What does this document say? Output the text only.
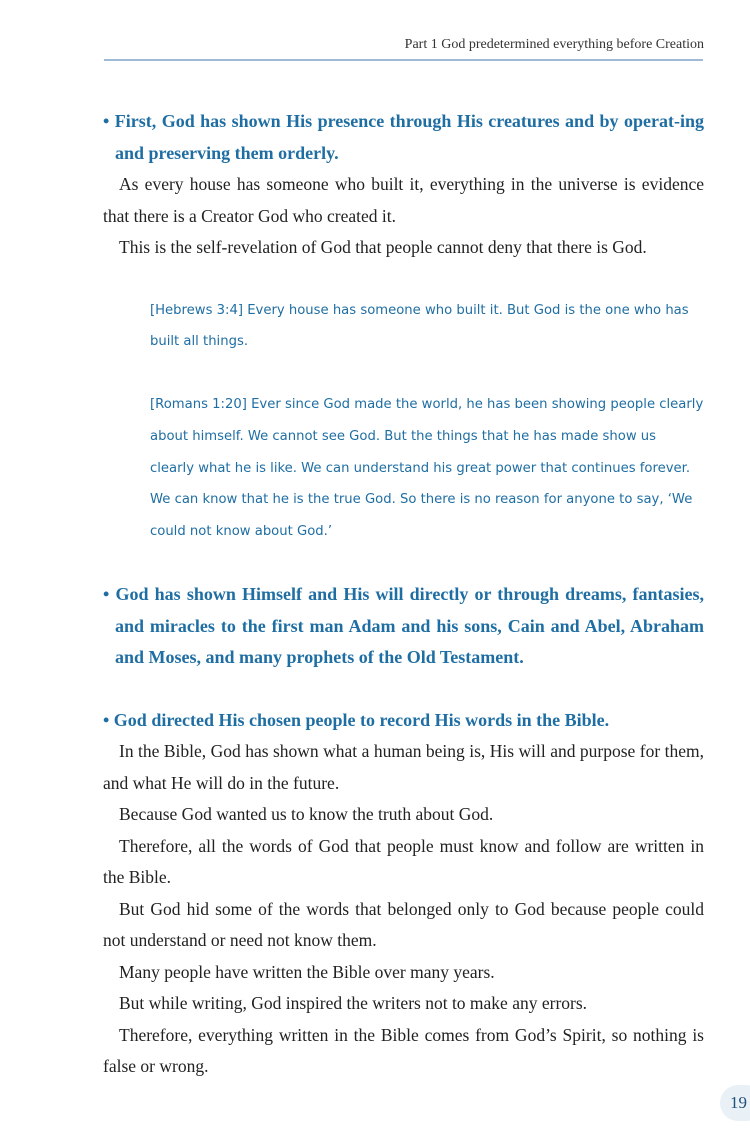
Part 1 God predetermined everything before Creation

• First, God has shown His presence through His creatures and by operat-ing and preserving them orderly.

As every house has someone who built it, everything in the universe is evidence that there is a Creator God who created it.

This is the self-revelation of God that people cannot deny that there is God.

[Hebrews 3:4] Every house has someone who built it. But God is the one who has built all things.

[Romans 1:20] Ever since God made the world, he has been showing people clearly about himself. We cannot see God. But the things that he has made show us clearly what he is like. We can understand his great power that continues forever. We can know that he is the true God. So there is no reason for anyone to say, ‘We could not know about God.’

• God has shown Himself and His will directly or through dreams, fantasies, and miracles to the first man Adam and his sons, Cain and Abel, Abraham and Moses, and many prophets of the Old Testament.

• God directed His chosen people to record His words in the Bible.

In the Bible, God has shown what a human being is, His will and purpose for them, and what He will do in the future.

Because God wanted us to know the truth about God.

Therefore, all the words of God that people must know and follow are written in the Bible.

But God hid some of the words that belonged only to God because people could not understand or need not know them.

Many people have written the Bible over many years.

But while writing, God inspired the writers not to make any errors.

Therefore, everything written in the Bible comes from God’s Spirit, so nothing is false or wrong.

19
